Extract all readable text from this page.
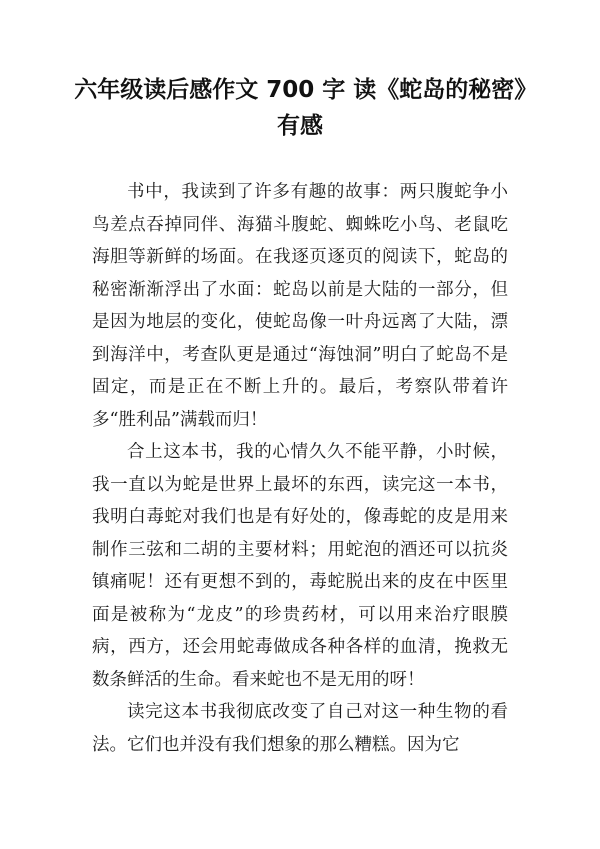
六年级读后感作文 700 字 读《蛇岛的秘密》有感

书中，我读到了许多有趣的故事：两只腹蛇争小鸟差点吞掉同伴、海猫斗腹蛇、蜘蛛吃小鸟、老鼠吃海胆等新鲜的场面。在我逐页逐页的阅读下，蛇岛的秘密渐渐浮出了水面：蛇岛以前是大陆的一部分，但是因为地层的变化，使蛇岛像一叶舟远离了大陆，漂到海洋中，考查队更是通过“海蚀洞”明白了蛇岛不是固定，而是正在不断上升的。最后，考察队带着许多“胜利品”满载而归！

合上这本书，我的心情久久不能平静，小时候，我一直以为蛇是世界上最坏的东西，读完这一本书，我明白毒蛇对我们也是有好处的，像毒蛇的皮是用来制作三弦和二胡的主要材料；用蛇泡的酒还可以抗炎镇痛呢！还有更想不到的，毒蛇脱出来的皮在中医里面是被称为“龙皮”的珍贵药材，可以用来治疗眼膜病，西方，还会用蛇毒做成各种各样的血清，挽救无数条鲜活的生命。看来蛇也不是无用的呀！

读完这本书我彻底改变了自己对这一种生物的看法。它们也并没有我们想象的那么糟糕。因为它
